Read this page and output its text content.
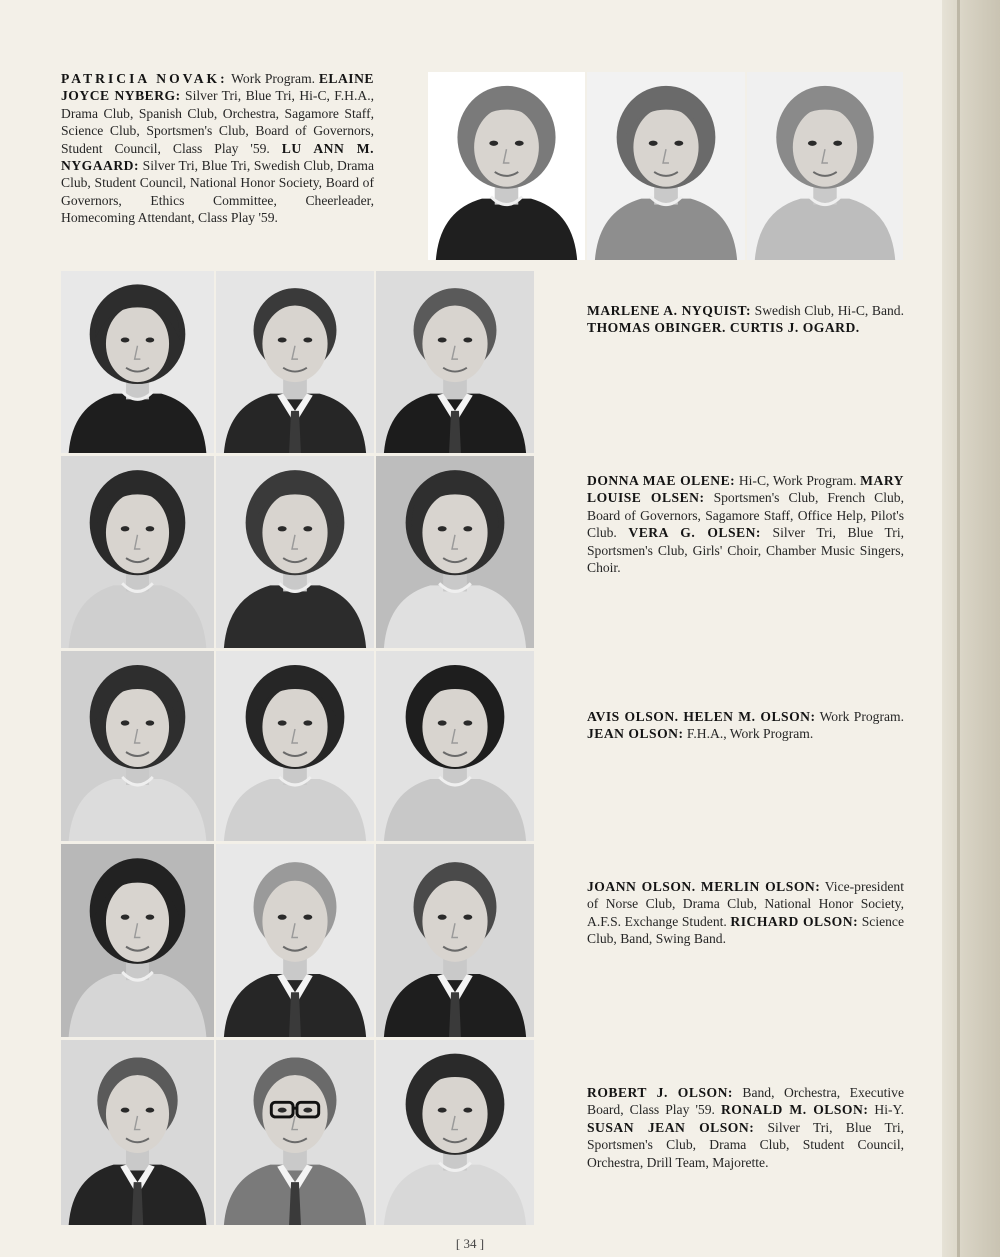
PATRICIA NOVAK: Work Program. ELAINE JOYCE NYBERG: Silver Tri, Blue Tri, Hi-C, F.H.A., Drama Club, Spanish Club, Orchestra, Sagamore Staff, Science Club, Sportsmen's Club, Board of Governors, Student Council, Class Play '59. LU ANN M. NYGAARD: Silver Tri, Blue Tri, Swedish Club, Drama Club, Student Council, National Honor Society, Board of Governors, Ethics Committee, Cheerleader, Homecoming Attendant, Class Play '59.
MARLENE A. NYQUIST: Swedish Club, Hi-C, Band. THOMAS OBINGER. CURTIS J. OGARD.
DONNA MAE OLENE: Hi-C, Work Program. MARY LOUISE OLSEN: Sportsmen's Club, French Club, Board of Governors, Sagamore Staff, Office Help, Pilot's Club. VERA G. OLSEN: Silver Tri, Blue Tri, Sportsmen's Club, Girls' Choir, Chamber Music Singers, Choir.
AVIS OLSON. HELEN M. OLSON: Work Program. JEAN OLSON: F.H.A., Work Program.
JOANN OLSON. MERLIN OLSON: Vice-president of Norse Club, Drama Club, National Honor Society, A.F.S. Exchange Student. RICHARD OLSON: Science Club, Band, Swing Band.
ROBERT J. OLSON: Band, Orchestra, Executive Board, Class Play '59. RONALD M. OLSON: Hi-Y. SUSAN JEAN OLSON: Silver Tri, Blue Tri, Sportsmen's Club, Drama Club, Student Council, Orchestra, Drill Team, Majorette.
[ 34 ]
